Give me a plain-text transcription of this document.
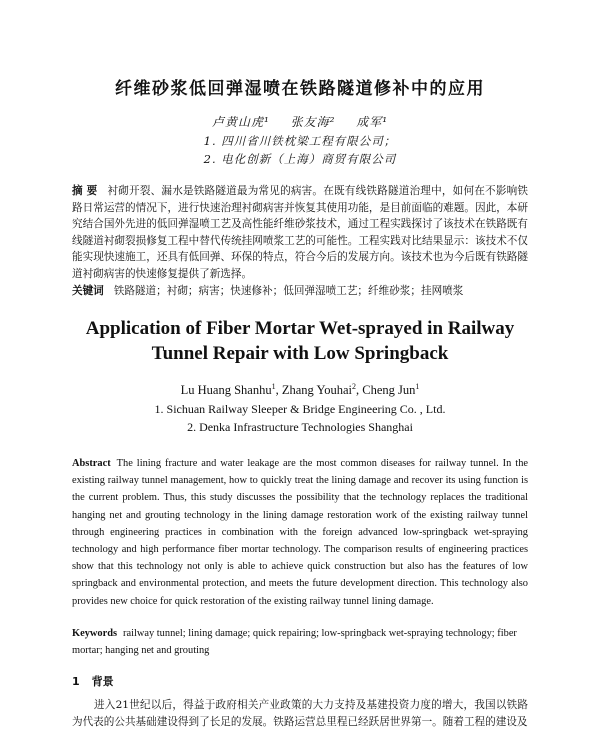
纤维砂浆低回弹湿喷在铁路隧道修补中的应用
卢黄山虎¹ 张友海² 成军¹
1. 四川省川铁枕梁工程有限公司；
2. 电化创新（上海）商贸有限公司
摘 要 衬砌开裂、漏水是铁路隧道最为常见的病害。在既有线铁路隧道治理中，如何在不影响铁路日常运营的情况下，进行快速治理衬砌病害并恢复其使用功能，是目前面临的难题。因此，本研究结合国外先进的低回弹湿喷工艺及高性能纤维砂浆技术，通过工程实践探讨了该技术在铁路既有线隧道衬砌裂损修复工程中替代传统挂网喷浆工艺的可能性。工程实践对比结果显示：该技术不仅能实现快速施工，还具有低回弹、环保的特点，符合今后的发展方向。该技术也为今后既有铁路隧道衬砌病害的快速修复提供了新选择。
关键词 铁路隧道；衬砌；病害；快速修补；低回弹湿喷工艺；纤维砂浆；挂网喷浆
Application of Fiber Mortar Wet-sprayed in Railway
Tunnel Repair with Low Springback
Lu Huang Shanhu$^1$, Zhang Youhai$^2$, Cheng Jun$^1$
1. Sichuan Railway Sleeper & Bridge Engineering Co. , Ltd.
2. Denka Infrastructure Technologies Shanghai
Abstract The lining fracture and water leakage are the most common diseases for railway tunnel. In the existing railway tunnel management, how to quickly treat the lining damage and recover its using function is the current problem. Thus, this study discusses the possibility that the technology replaces the traditional hanging net and grouting technology in the lining damage restoration work of the existing railway tunnel through engineering practices in combination with the foreign advanced low-springback wet-spraying technology and high performance fiber mortar technology. The comparison results of engineering practices show that this technology not only is able to achieve quick construction but also has the features of low springback and environmental protection, and meets the future development direction. This technology also provides new choice for quick restoration of the existing railway tunnel lining damage.
Keywords railway tunnel; lining damage; quick repairing; low-springback wet-spraying technology; fiber mortar; hanging net and grouting
1 背景
进入21世纪以后，得益于政府相关产业政策的大力支持及基建投资力度的增大，我国以铁路为代表的公共基础建设得到了长足的发展。铁路运营总里程已经跃居世界第一。随着工程的建设及
